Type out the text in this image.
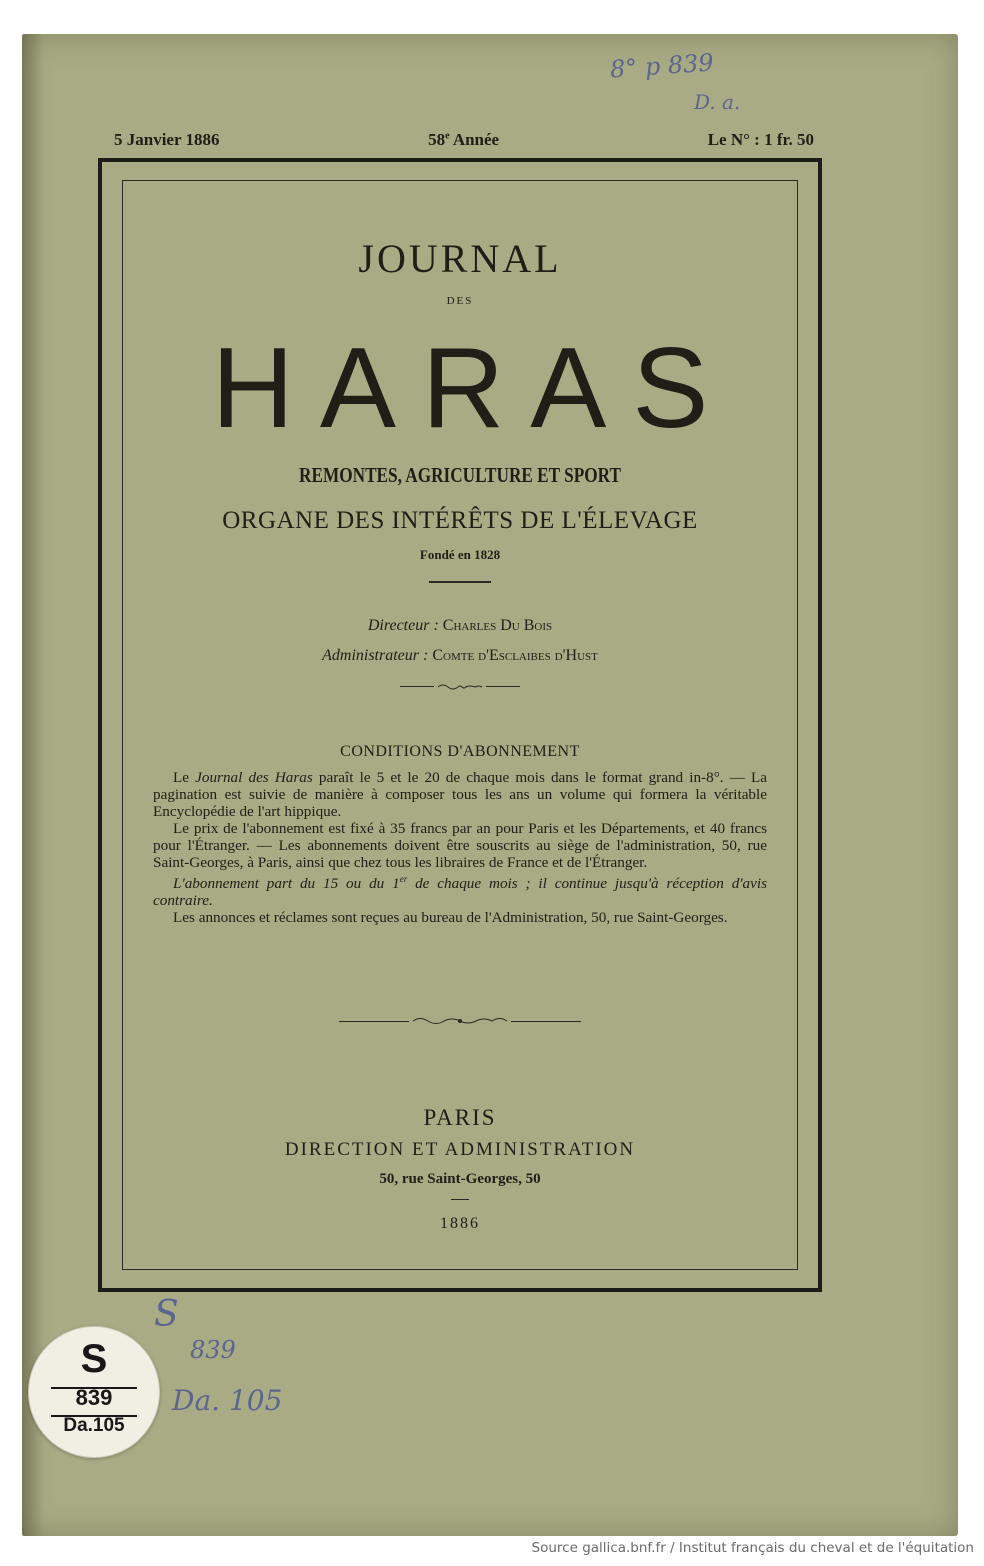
8° p 839
D. a.
5 Janvier 1886	58e Année	Le N° : 1 fr. 50
JOURNAL
DES
HARAS
REMONTES, AGRICULTURE ET SPORT
ORGANE DES INTÉRÊTS DE L'ÉLEVAGE
Fondé en 1828
Directeur : Charles Du Bois
Administrateur : Comte d'Esclaibes d'Hust

CONDITIONS D'ABONNEMENT

Le Journal des Haras paraît le 5 et le 20 de chaque mois dans le format grand in-8°. — La pagination est suivie de manière à composer tous les ans un volume qui formera la véritable Encyclopédie de l'art hippique.

Le prix de l'abonnement est fixé à 35 francs par an pour Paris et les Départements, et 40 francs pour l'Étranger. — Les abonnements doivent être souscrits au siège de l'administration, 50, rue Saint-Georges, à Paris, ainsi que chez tous les libraires de France et de l'Étranger.

L'abonnement part du 15 ou du 1er de chaque mois ; il continue jusqu'à réception d'avis contraire.

Les annonces et réclames sont reçues au bureau de l'Administration, 50, rue Saint-Georges.

PARIS
DIRECTION ET ADMINISTRATION
50, rue Saint-Georges, 50
1886
S
839
Da. 105
S
839
Da.105
Source gallica.bnf.fr / Institut français du cheval et de l'équitation
